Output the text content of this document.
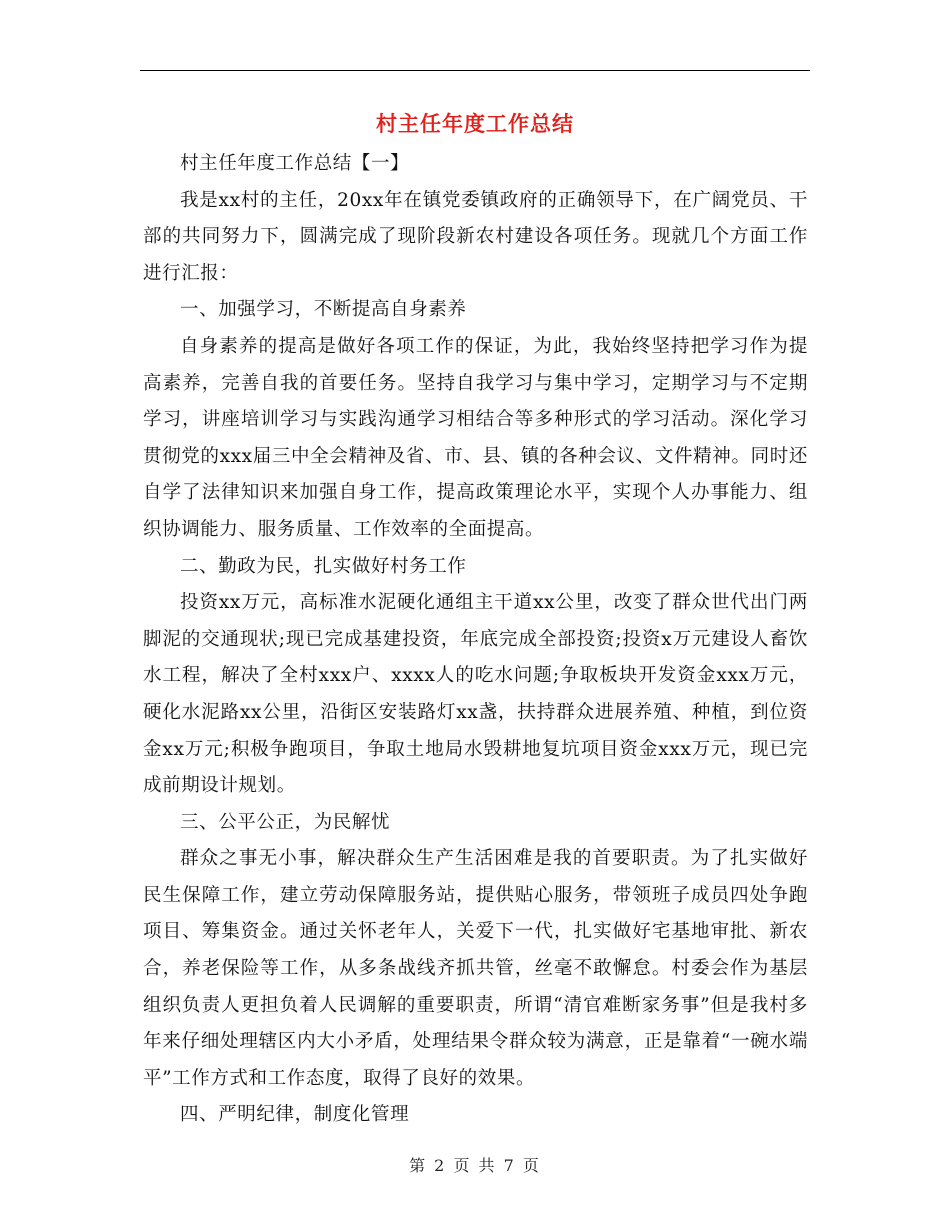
村主任年度工作总结

村主任年度工作总结【一】

我是xx村的主任，20xx年在镇党委镇政府的正确领导下，在广阔党员、干部的共同努力下，圆满完成了现阶段新农村建设各项任务。现就几个方面工作进行汇报：

一、加强学习，不断提高自身素养

自身素养的提高是做好各项工作的保证，为此，我始终坚持把学习作为提高素养，完善自我的首要任务。坚持自我学习与集中学习，定期学习与不定期学习，讲座培训学习与实践沟通学习相结合等多种形式的学习活动。深化学习贯彻党的xxx届三中全会精神及省、市、县、镇的各种会议、文件精神。同时还自学了法律知识来加强自身工作，提高政策理论水平，实现个人办事能力、组织协调能力、服务质量、工作效率的全面提高。

二、勤政为民，扎实做好村务工作

投资xx万元，高标准水泥硬化通组主干道xx公里，改变了群众世代出门两脚泥的交通现状;现已完成基建投资，年底完成全部投资;投资x万元建设人畜饮水工程，解决了全村xxx户、xxxx人的吃水问题;争取板块开发资金xxx万元，硬化水泥路xx公里，沿街区安装路灯xx盏，扶持群众进展养殖、种植，到位资金xx万元;积极争跑项目，争取土地局水毁耕地复坑项目资金xxx万元，现已完成前期设计规划。

三、公平公正，为民解忧

群众之事无小事，解决群众生产生活困难是我的首要职责。为了扎实做好民生保障工作，建立劳动保障服务站，提供贴心服务，带领班子成员四处争跑项目、筹集资金。通过关怀老年人，关爱下一代，扎实做好宅基地审批、新农合，养老保险等工作，从多条战线齐抓共管，丝毫不敢懈怠。村委会作为基层组织负责人更担负着人民调解的重要职责，所谓“清官难断家务事”但是我村多年来仔细处理辖区内大小矛盾，处理结果令群众较为满意，正是靠着“一碗水端平”工作方式和工作态度，取得了良好的效果。

四、严明纪律，制度化管理

第 2 页 共 7 页
